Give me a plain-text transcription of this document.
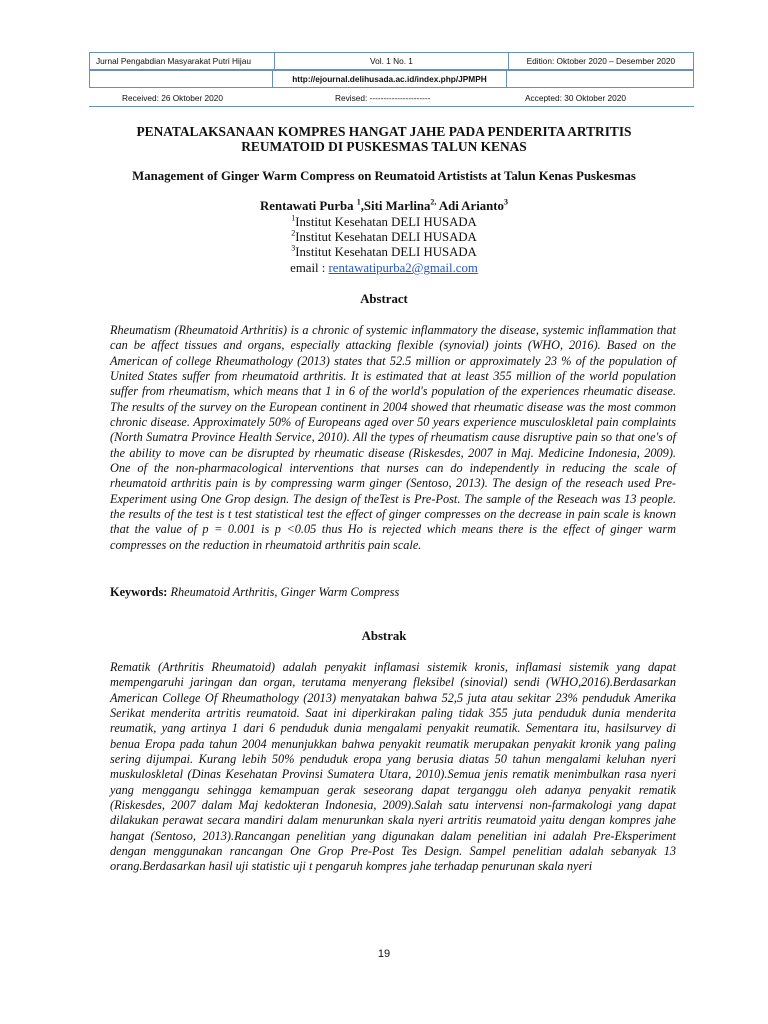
Jurnal Pengabdian Masyarakat Putri Hijau	Vol. 1 No. 1	Edition: Oktober 2020 – Desember 2020
	http://ejournal.delihusada.ac.id/index.php/JPMPH	
Received: 26 Oktober 2020	Revised: ----------------------	Accepted: 30 Oktober 2020
PENATALAKSANAAN KOMPRES HANGAT JAHE PADA PENDERITA ARTRITIS
REUMATOID DI PUSKESMAS TALUN KENAS
Management of Ginger Warm Compress on Reumatoid Artistists at Talun Kenas Puskesmas
Rentawati Purba $^1$,Siti Marlina$^{2,}$ Adi Arianto$^3$
$^1$Institut Kesehatan DELI HUSADA
$^2$Institut Kesehatan DELI HUSADA
$^3$Institut Kesehatan DELI HUSADA
email : rentawatipurba2@gmail.com
Abstract
Rheumatism (Rheumatoid Arthritis) is a chronic of systemic inflammatory the disease, systemic inflammation that can be affect tissues and organs, especially attacking flexible (synovial) joints (WHO, 2016). Based on the American of college Rheumathology (2013) states that 52.5 million or approximately 23 % of the population of United States suffer from rheumatoid arthritis. It is estimated that at least 355 million of the world population suffer from rheumatism, which means that 1 in 6 of the world's population of the experiences rheumatic disease. The results of the survey on the European continent in 2004 showed that rheumatic disease was the most common chronic disease. Approximately 50% of Europeans aged over 50 years experience musculoskletal pain complaints (North Sumatra Province Health Service, 2010). All the types of rheumatism cause disruptive pain so that one's of the ability to move can be disrupted by rheumatic disease (Riskesdes, 2007 in Maj. Medicine Indonesia, 2009). One of the non-pharmacological interventions that nurses can do independently in reducing the scale of rheumatoid arthritis pain is by compressing warm ginger (Sentoso, 2013). The design of the reseach used Pre-Experiment using One Grop design. The design of theTest is Pre-Post. The sample of the Reseach was 13 people. the results of the test is t test statistical test the effect of ginger compresses on the decrease in pain scale is known that the value of p = 0.001 is p <0.05 thus Ho is rejected which means there is the effect of ginger warm compresses on the reduction in rheumatoid arthritis pain scale.
Keywords: Rheumatoid Arthritis, Ginger Warm Compress
Abstrak
Rematik (Arthritis Rheumatoid) adalah penyakit inflamasi sistemik kronis, inflamasi sistemik yang dapat mempengaruhi jaringan dan organ, terutama menyerang fleksibel (sinovial) sendi (WHO,2016).Berdasarkan American College Of Rheumathology (2013) menyatakan bahwa 52,5 juta atau sekitar 23% penduduk Amerika Serikat menderita artritis reumatoid. Saat ini diperkirakan paling tidak 355 juta penduduk dunia menderita reumatik, yang artinya 1 dari 6 penduduk dunia mengalami penyakit reumatik. Sementara itu, hasilsurvey di benua Eropa pada tahun 2004 menunjukkan bahwa penyakit reumatik merupakan penyakit kronik yang paling sering dijumpai. Kurang lebih 50% penduduk eropa yang berusia diatas 50 tahun mengalami keluhan nyeri muskuloskletal (Dinas Kesehatan Provinsi Sumatera Utara, 2010).Semua jenis rematik menimbulkan rasa nyeri yang menggangu sehingga kemampuan gerak seseorang dapat terganggu oleh adanya penyakit rematik (Riskesdes, 2007 dalam Maj kedokteran Indonesia, 2009).Salah satu intervensi non-farmakologi yang dapat dilakukan perawat secara mandiri dalam menurunkan skala nyeri artritis reumatoid yaitu dengan kompres jahe hangat (Sentoso, 2013).Rancangan penelitian yang digunakan dalam penelitian ini adalah Pre-Eksperiment dengan menggunakan rancangan One Grop Pre-Post Tes Design. Sampel penelitian adalah sebanyak 13 orang.Berdasarkan hasil uji statistic uji t pengaruh kompres jahe terhadap penurunan skala nyeri
19
